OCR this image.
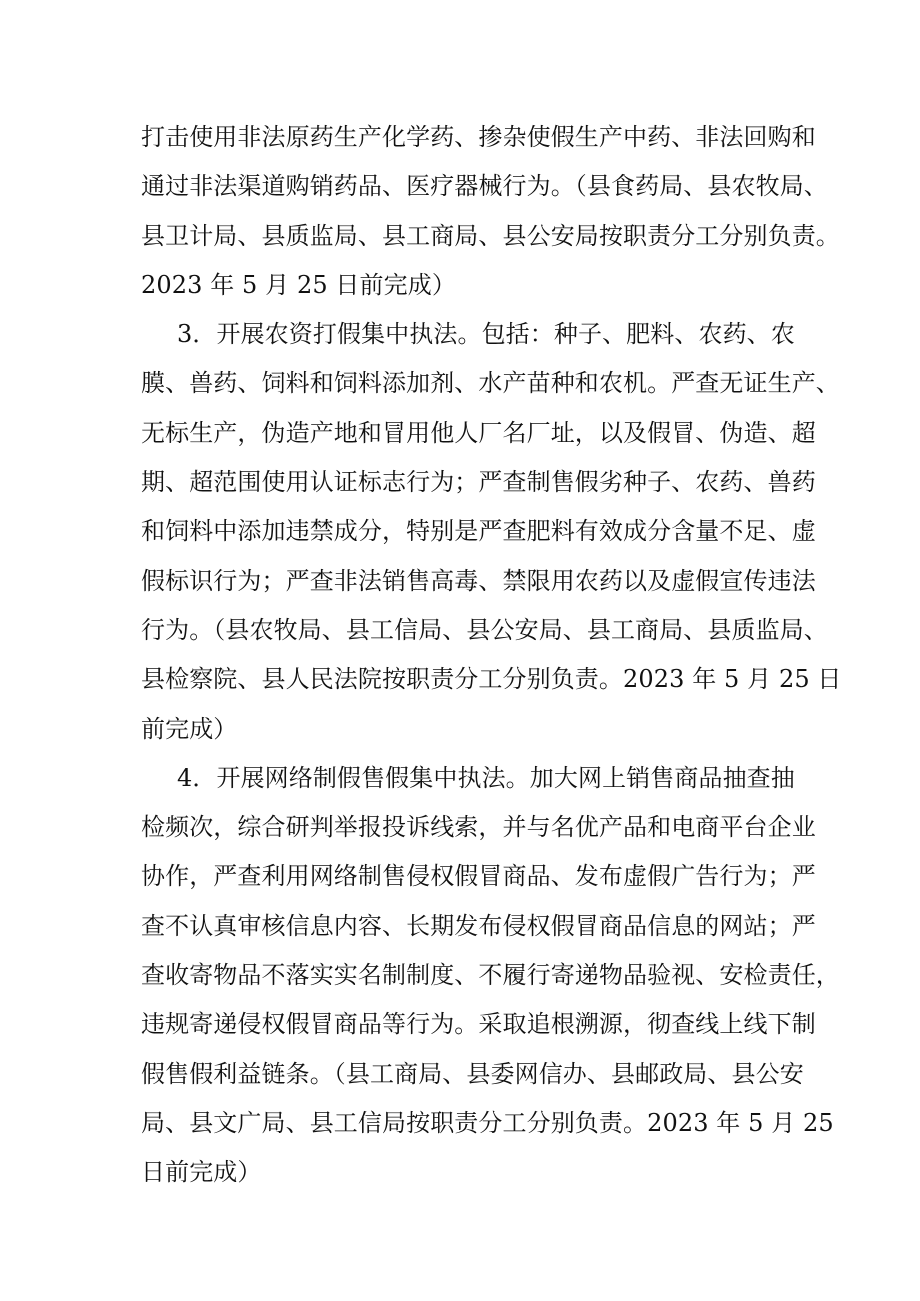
打击使用非法原药生产化学药、掺杂使假生产中药、非法回购和
通过非法渠道购销药品、医疗器械行为。（县食药局、县农牧局、
县卫计局、县质监局、县工商局、县公安局按职责分工分别负责。
2023 年 5 月 25 日前完成）
3．开展农资打假集中执法。包括：种子、肥料、农药、农
膜、兽药、饲料和饲料添加剂、水产苗种和农机。严查无证生产、
无标生产，伪造产地和冒用他人厂名厂址，以及假冒、伪造、超
期、超范围使用认证标志行为；严查制售假劣种子、农药、兽药
和饲料中添加违禁成分，特别是严查肥料有效成分含量不足、虚
假标识行为；严查非法销售高毒、禁限用农药以及虚假宣传违法
行为。（县农牧局、县工信局、县公安局、县工商局、县质监局、
县检察院、县人民法院按职责分工分别负责。2023 年 5 月 25 日
前完成）
4．开展网络制假售假集中执法。加大网上销售商品抽查抽
检频次，综合研判举报投诉线索，并与名优产品和电商平台企业
协作，严查利用网络制售侵权假冒商品、发布虚假广告行为；严
查不认真审核信息内容、长期发布侵权假冒商品信息的网站；严
查收寄物品不落实实名制制度、不履行寄递物品验视、安检责任，
违规寄递侵权假冒商品等行为。采取追根溯源，彻查线上线下制
假售假利益链条。（县工商局、县委网信办、县邮政局、县公安
局、县文广局、县工信局按职责分工分别负责。2023 年 5 月 25
日前完成）
